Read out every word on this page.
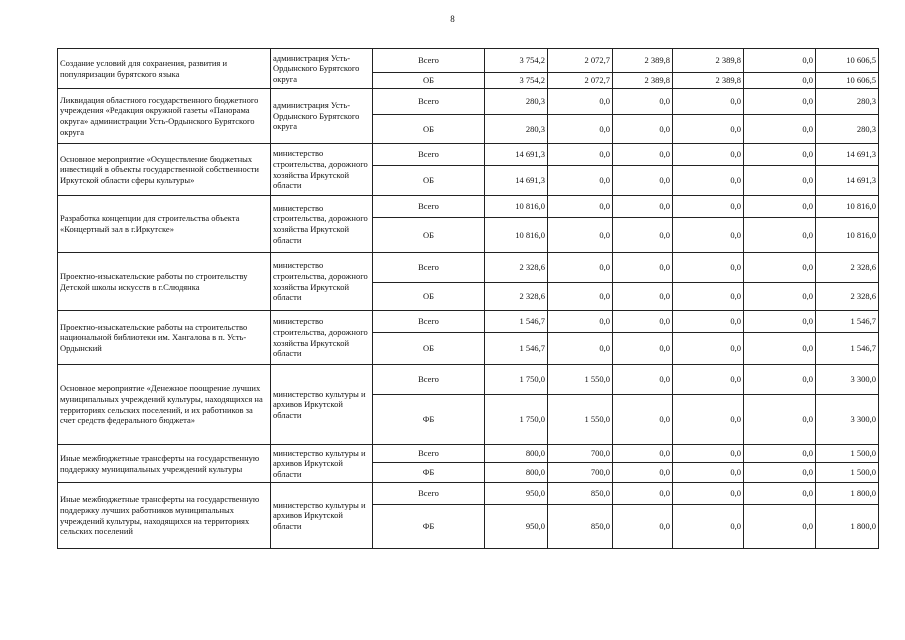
8
Создание условий для сохранения, развития и популяризации бурятского языка	администрация Усть-Ордынского Бурятского округа	Всего	3 754,2	2 072,7	2 389,8	2 389,8	0,0	10 606,5
		ОБ	3 754,2	2 072,7	2 389,8	2 389,8	0,0	10 606,5
Ликвидация областного государственного бюджетного учреждения «Редакция окружной газеты «Панорама округа» администрации Усть-Ордынского Бурятского округа	администрация Усть-Ордынского Бурятского округа	Всего	280,3	0,0	0,0	0,0	0,0	280,3
		ОБ	280,3	0,0	0,0	0,0	0,0	280,3
Основное мероприятие «Осуществление бюджетных инвестиций в объекты государственной собственности Иркутской области сферы культуры»	министерство строительства, дорожного хозяйства Иркутской области	Всего	14 691,3	0,0	0,0	0,0	0,0	14 691,3
		ОБ	14 691,3	0,0	0,0	0,0	0,0	14 691,3
Разработка концепции для строительства объекта «Концертный зал в г.Иркутске»	министерство строительства, дорожного хозяйства Иркутской области	Всего	10 816,0	0,0	0,0	0,0	0,0	10 816,0
		ОБ	10 816,0	0,0	0,0	0,0	0,0	10 816,0
Проектно-изыскательские работы по строительству Детской школы искусств в г.Слюдянка	министерство строительства, дорожного хозяйства Иркутской области	Всего	2 328,6	0,0	0,0	0,0	0,0	2 328,6
		ОБ	2 328,6	0,0	0,0	0,0	0,0	2 328,6
Проектно-изыскательские работы на строительство национальной библиотеки им. Хангалова в п. Усть-Ордынский	министерство строительства, дорожного хозяйства Иркутской области	Всего	1 546,7	0,0	0,0	0,0	0,0	1 546,7
		ОБ	1 546,7	0,0	0,0	0,0	0,0	1 546,7
Основное мероприятие «Денежное поощрение лучших муниципальных учреждений культуры, находящихся на территориях сельских поселений, и их работников за счет средств федерального бюджета»	министерство культуры и архивов Иркутской области	Всего	1 750,0	1 550,0	0,0	0,0	0,0	3 300,0
		ФБ	1 750,0	1 550,0	0,0	0,0	0,0	3 300,0
Иные межбюджетные трансферты на государственную поддержку муниципальных учреждений культуры	министерство культуры и архивов Иркутской области	Всего	800,0	700,0	0,0	0,0	0,0	1 500,0
		ФБ	800,0	700,0	0,0	0,0	0,0	1 500,0
Иные межбюджетные трансферты на государственную поддержку лучших работников муниципальных учреждений культуры, находящихся на территориях сельских поселений	министерство культуры и архивов Иркутской области	Всего	950,0	850,0	0,0	0,0	0,0	1 800,0
		ФБ	950,0	850,0	0,0	0,0	0,0	1 800,0
